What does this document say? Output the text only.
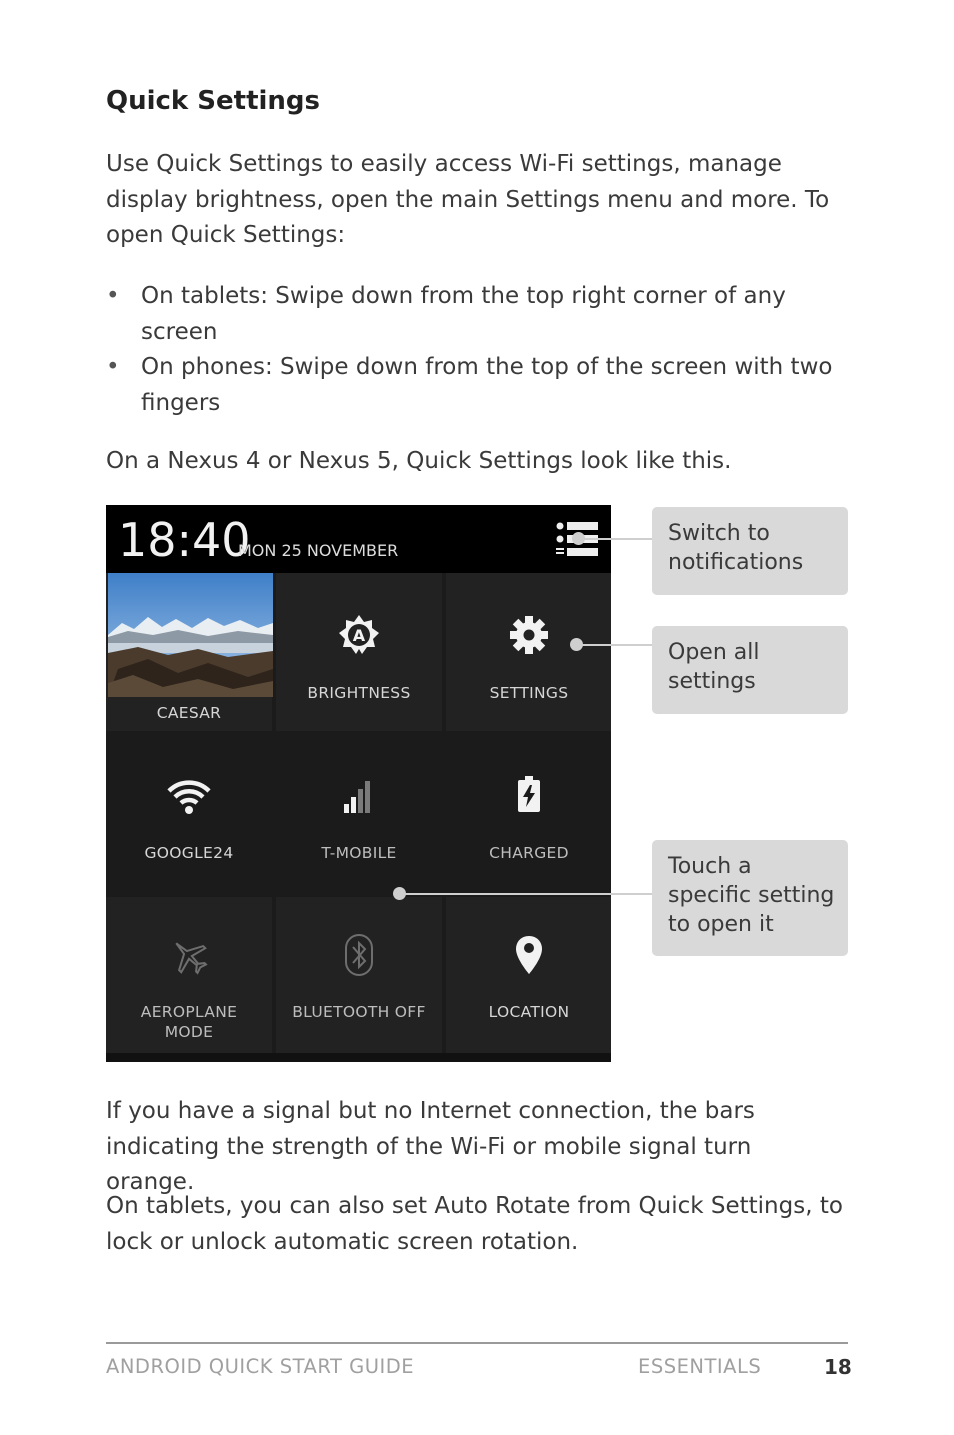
Quick Settings
Use Quick Settings to easily access Wi-Fi settings, manage display brightness, open the main Settings menu and more. To open Quick Settings:
• On tablets: Swipe down from the top right corner of any screen
• On phones: Swipe down from the top of the screen with two fingers
On a Nexus 4 or Nexus 5, Quick Settings look like this.
18:40
MON 25 NOVEMBER
CAESAR
A
BRIGHTNESS	SETTINGS
GOOGLE24	T-MOBILE	CHARGED
AEROPLANE
MODE
BLUETOOTH OFF	LOCATION
Switch to
notifications
Open all
settings
Touch a
specific setting
to open it
If you have a signal but no Internet connection, the bars indicating the strength of the Wi-Fi or mobile signal turn orange.
On tablets, you can also set Auto Rotate from Quick Settings, to lock or unlock automatic screen rotation.
ANDROID QUICK START GUIDE	ESSENTIALS	18
